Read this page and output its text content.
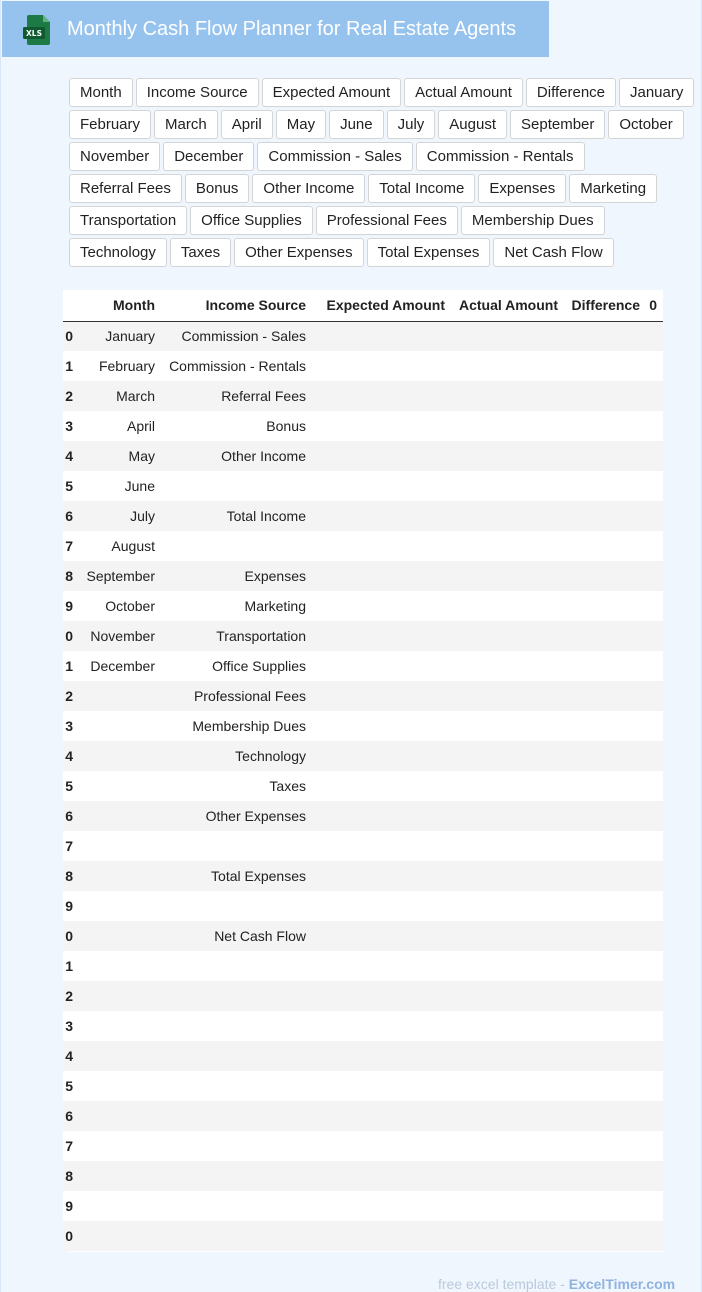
XLS Monthly Cash Flow Planner for Real Estate Agents
Month	Income Source	Expected Amount	Actual Amount	Difference	January
February	March	April	May	June	July	August	September	October
November	December	Commission - Sales	Commission - Rentals
Referral Fees	Bonus	Other Income	Total Income	Expenses	Marketing
Transportation	Office Supplies	Professional Fees	Membership Dues
Technology	Taxes	Other Expenses	Total Expenses	Net Cash Flow
	Month	Income Source	Expected Amount	Actual Amount	Difference	0
0	January	Commission - Sales				
1	February	Commission - Rentals				
2	March	Referral Fees				
3	April	Bonus				
4	May	Other Income				
5	June					
6	July	Total Income				
7	August					
8	September	Expenses				
9	October	Marketing				
0	November	Transportation				
1	December	Office Supplies				
2		Professional Fees				
3		Membership Dues				
4		Technology				
5		Taxes				
6		Other Expenses				
7						
8		Total Expenses				
9						
0		Net Cash Flow				
1						
2						
3						
4						
5						
6						
7						
8						
9						
0						
free excel template - ExcelTimer.com
